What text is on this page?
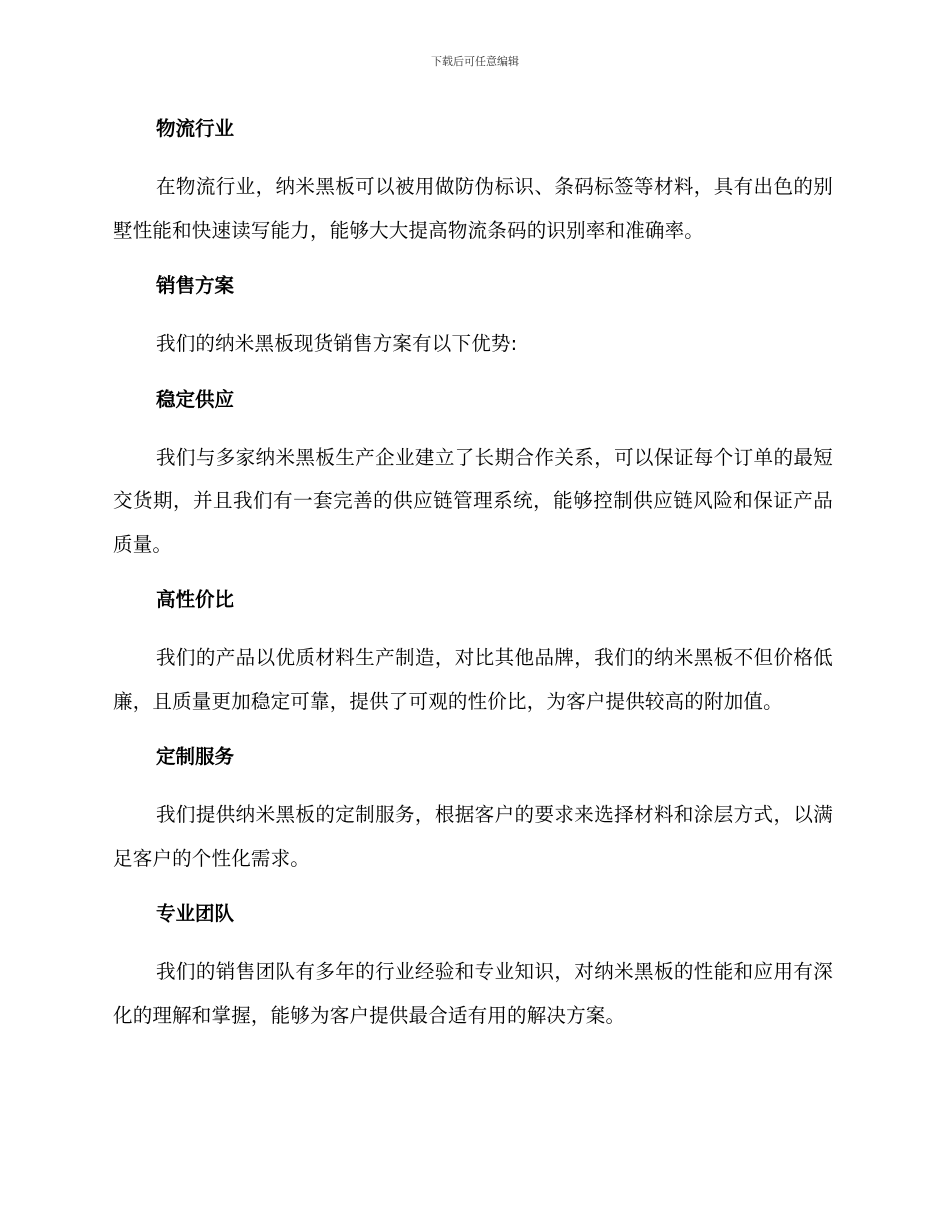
下载后可任意编辑
物流行业

在物流行业，纳米黑板可以被用做防伪标识、条码标签等材料，具有出色的别墅性能和快速读写能力，能够大大提高物流条码的识别率和准确率。

销售方案

我们的纳米黑板现货销售方案有以下优势:

稳定供应

我们与多家纳米黑板生产企业建立了长期合作关系，可以保证每个订单的最短交货期，并且我们有一套完善的供应链管理系统，能够控制供应链风险和保证产品质量。

高性价比

我们的产品以优质材料生产制造，对比其他品牌，我们的纳米黑板不但价格低廉，且质量更加稳定可靠，提供了可观的性价比，为客户提供较高的附加值。

定制服务

我们提供纳米黑板的定制服务，根据客户的要求来选择材料和涂层方式，以满足客户的个性化需求。

专业团队

我们的销售团队有多年的行业经验和专业知识，对纳米黑板的性能和应用有深化的理解和掌握，能够为客户提供最合适有用的解决方案。
